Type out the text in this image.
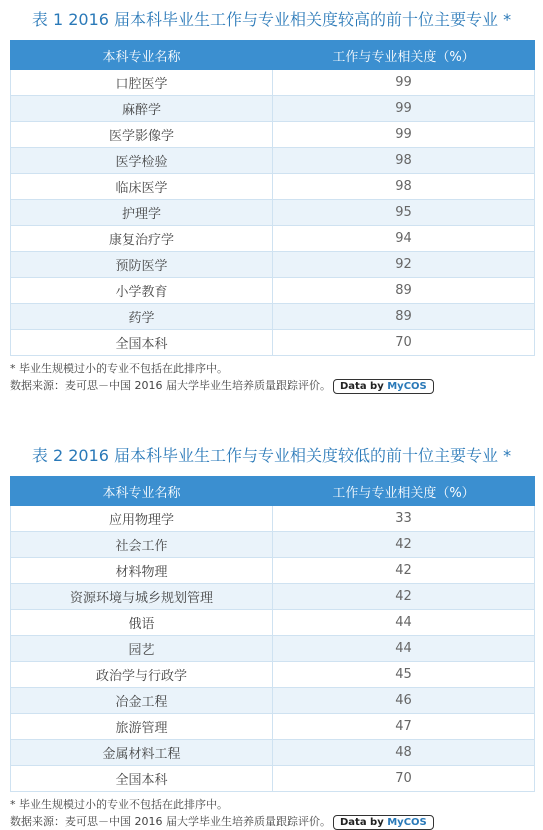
表 1 2016 届本科毕业生工作与专业相关度较高的前十位主要专业 *
本科专业名称	工作与专业相关度（%）
口腔医学	99
麻醉学	99
医学影像学	99
医学检验	98
临床医学	98
护理学	95
康复治疗学	94
预防医学	92
小学教育	89
药学	89
全国本科	70
* 毕业生规模过小的专业不包括在此排序中。
数据来源：麦可思－中国 2016 届大学毕业生培养质量跟踪评价。 Data by MyCOS
表 2 2016 届本科毕业生工作与专业相关度较低的前十位主要专业 *
本科专业名称	工作与专业相关度（%）
应用物理学	33
社会工作	42
材料物理	42
资源环境与城乡规划管理	42
俄语	44
园艺	44
政治学与行政学	45
冶金工程	46
旅游管理	47
金属材料工程	48
全国本科	70
* 毕业生规模过小的专业不包括在此排序中。
数据来源：麦可思－中国 2016 届大学毕业生培养质量跟踪评价。 Data by MyCOS
